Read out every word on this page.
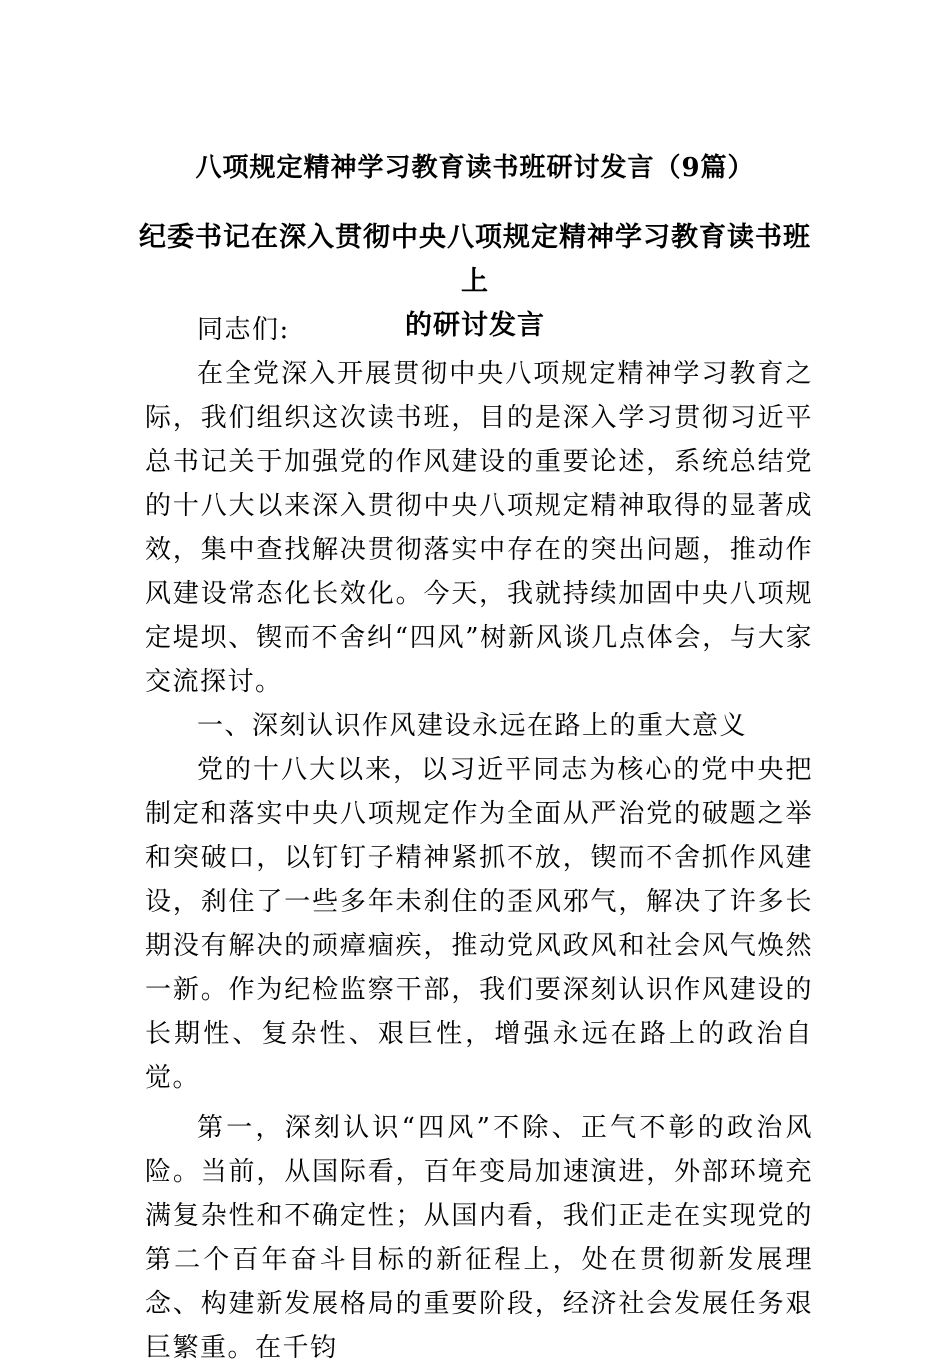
八项规定精神学习教育读书班研讨发言（9篇）
纪委书记在深入贯彻中央八项规定精神学习教育读书班上
的研讨发言

同志们:

在全党深入开展贯彻中央八项规定精神学习教育之际，我们组织这次读书班，目的是深入学习贯彻习近平总书记关于加强党的作风建设的重要论述，系统总结党的十八大以来深入贯彻中央八项规定精神取得的显著成效，集中查找解决贯彻落实中存在的突出问题，推动作风建设常态化长效化。今天，我就持续加固中央八项规定堤坝、锲而不舍纠“四风”树新风谈几点体会，与大家交流探讨。

一、深刻认识作风建设永远在路上的重大意义

党的十八大以来，以习近平同志为核心的党中央把制定和落实中央八项规定作为全面从严治党的破题之举和突破口，以钉钉子精神紧抓不放，锲而不舍抓作风建设，刹住了一些多年未刹住的歪风邪气，解决了许多长期没有解决的顽瘴痼疾，推动党风政风和社会风气焕然一新。作为纪检监察干部，我们要深刻认识作风建设的长期性、复杂性、艰巨性，增强永远在路上的政治自觉。

第一，深刻认识“四风”不除、正气不彰的政治风险。当前，从国际看，百年变局加速演进，外部环境充满复杂性和不确定性；从国内看，我们正走在实现党的第二个百年奋斗目标的新征程上，处在贯彻新发展理念、构建新发展格局的重要阶段，经济社会发展任务艰巨繁重。在千钧
